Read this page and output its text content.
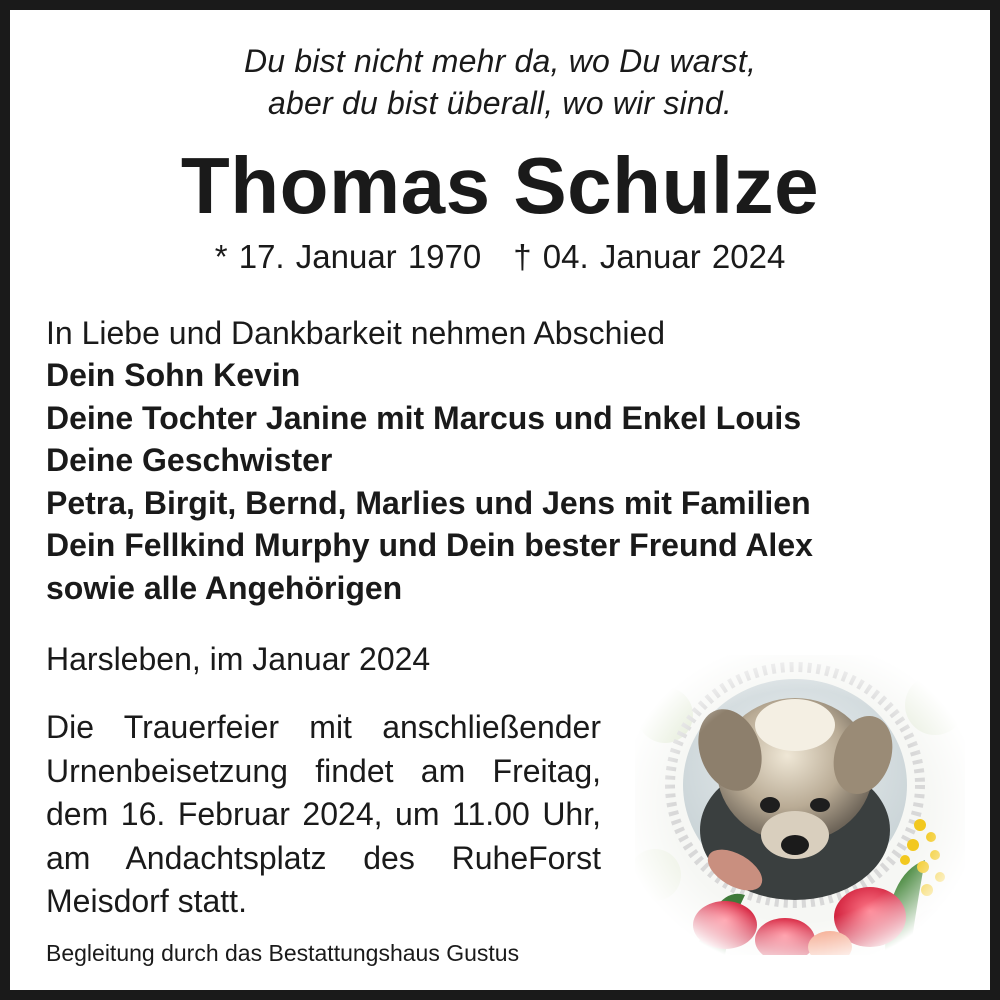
Du bist nicht mehr da, wo Du warst,
aber du bist überall, wo wir sind.
Thomas Schulze
* 17. Januar 1970 † 04. Januar 2024
In Liebe und Dankbarkeit nehmen Abschied
Dein Sohn Kevin
Deine Tochter Janine mit Marcus und Enkel Louis
Deine Geschwister
Petra, Birgit, Bernd, Marlies und Jens mit Familien
Dein Fellkind Murphy und Dein bester Freund Alex
sowie alle Angehörigen
Harsleben, im Januar 2024
Die Trauerfeier mit anschließender
Urnenbeisetzung findet am Freitag,
dem 16. Februar 2024, um 11.00 Uhr,
am Andachtsplatz des RuheForst
Meisdorf statt.
Begleitung durch das Bestattungshaus Gustus
